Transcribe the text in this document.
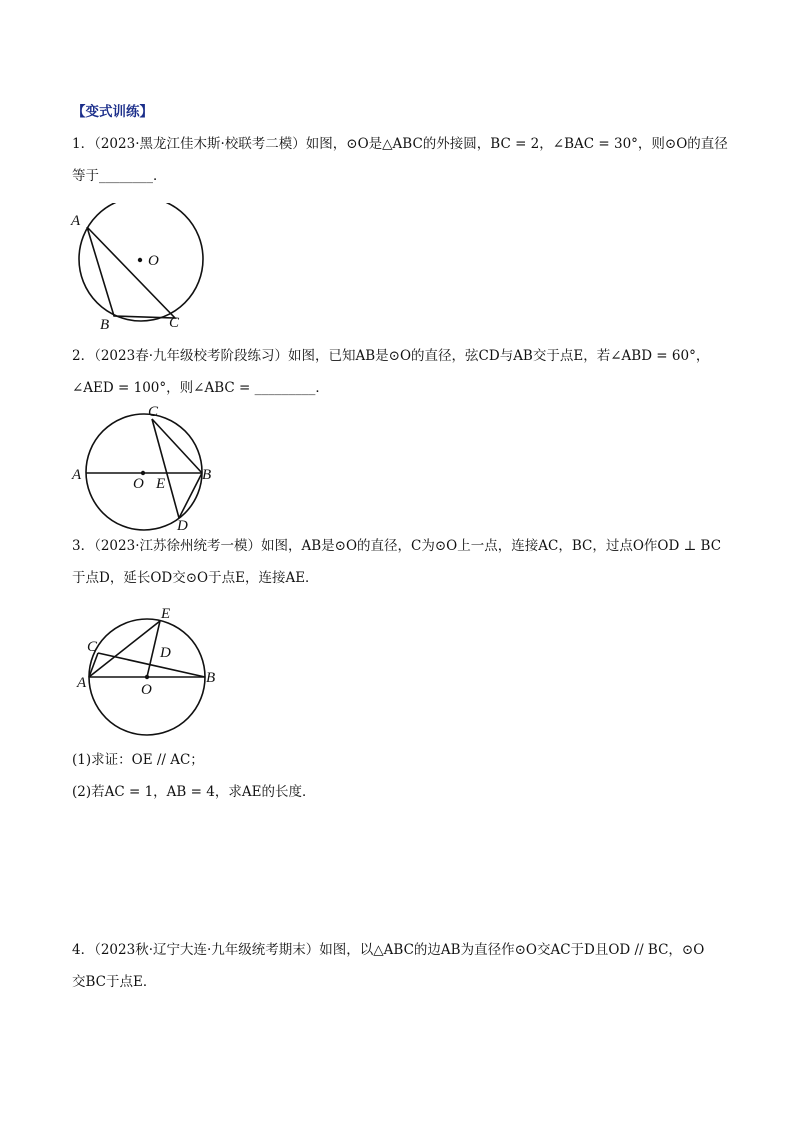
【变式训练】
1．（2023·黑龙江佳木斯·校联考二模）如图，⊙O是△ABC的外接圆，BC = 2，∠BAC = 30°，则⊙O的直径
等于________．
A
O
B	C
2．（2023春·九年级校考阶段练习）如图，已知AB是⊙O的直径，弦CD与AB交于点E，若∠ABD = 60°，
∠AED = 100°，则∠ABC = _________．
A
C
B
O E
D
3．（2023·江苏徐州统考一模）如图，AB是⊙O的直径，C为⊙O上一点，连接AC，BC，过点O作OD ⊥ BC
于点D，延长OD交⊙O于点E，连接AE．
C
A
E
D
O
B
(1)求证：OE // AC；
(2)若AC = 1，AB = 4，求AE的长度．
4．（2023秋·辽宁大连·九年级统考期末）如图，以△ABC的边AB为直径作⊙O交AC于D且OD // BC，⊙O
交BC于点E．
